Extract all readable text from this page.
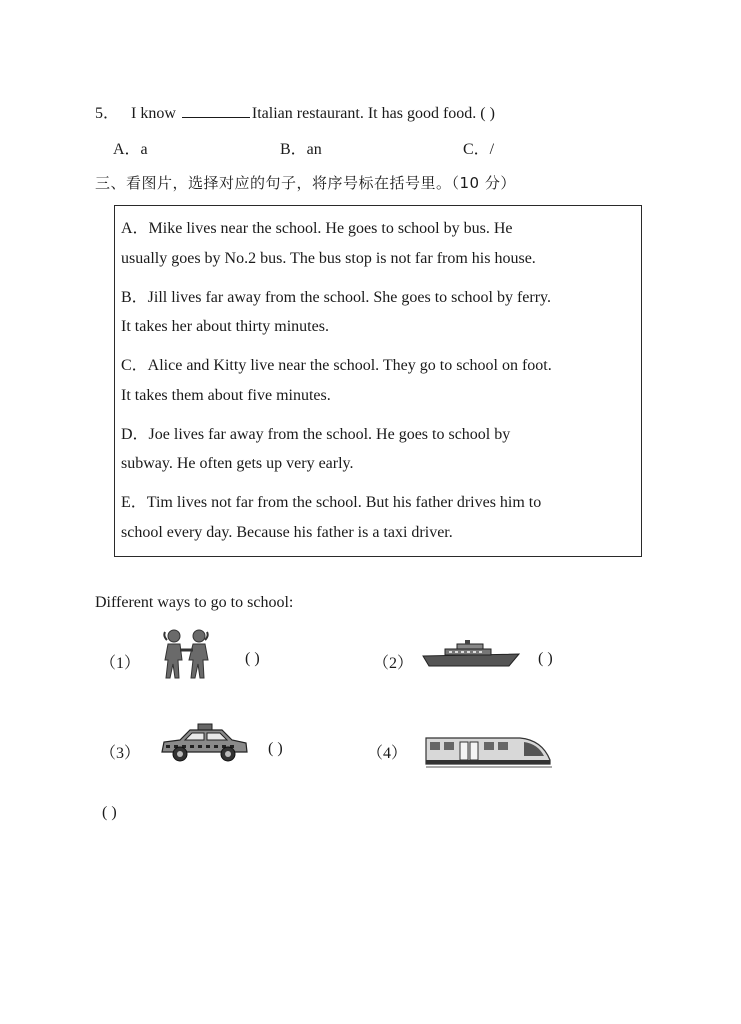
5． I know	Italian restaurant. It has good food. ( )
A．a	B．an	C．/
三、看图片，选择对应的句子，将序号标在括号里。（10 分）
A．Mike lives near the school. He goes to school by bus. He
usually goes by No.2 bus. The bus stop is not far from his house.
B．Jill lives far away from the school. She goes to school by ferry.
It takes her about thirty minutes.
C．Alice and Kitty live near the school. They go to school on foot.
It takes them about five minutes.
D．Joe lives far away from the school. He goes to school by
subway. He often gets up very early.
E．Tim lives not far from the school. But his father drives him to
school every day. Because his father is a taxi driver.
Different ways to go to school:
（1）	( )	（2）	( )
（3）	( )	（4）
( )
